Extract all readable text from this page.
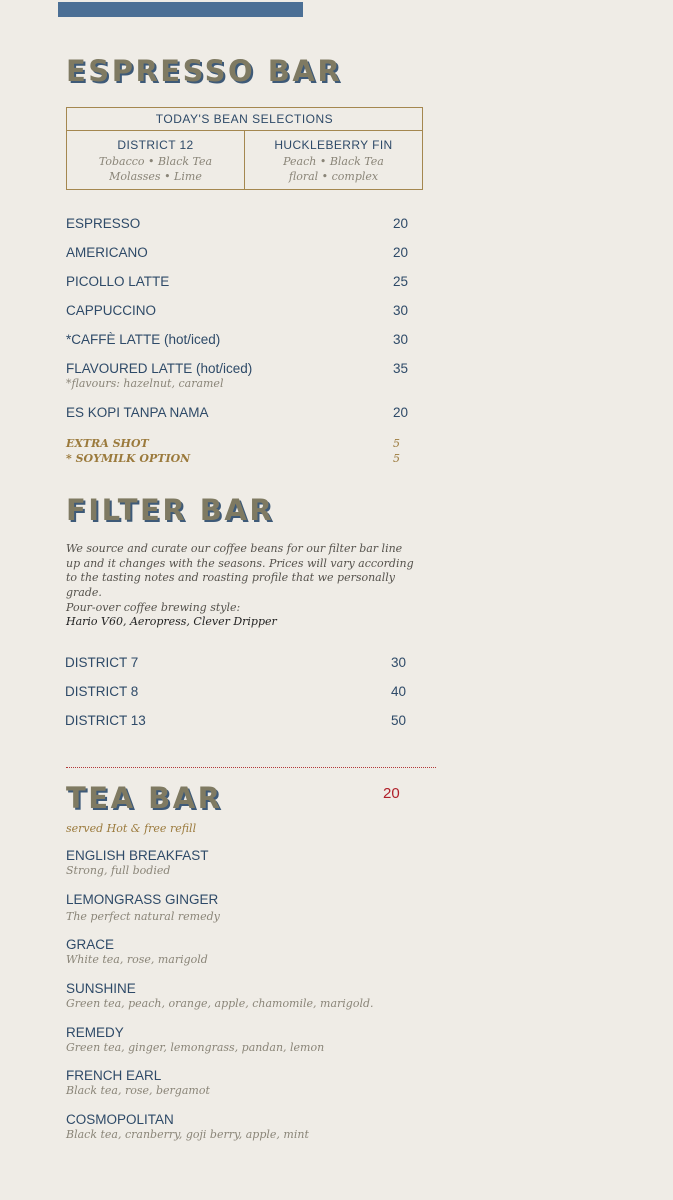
ESPRESSO BAR
TODAY'S BEAN SELECTIONS
DISTRICT 12
Tobacco • Black Tea
Molasses • Lime
HUCKLEBERRY FIN
Peach • Black Tea
floral • complex
ESPRESSO	20
AMERICANO	20
PICOLLO LATTE	25
CAPPUCCINO	30
*CAFFÈ LATTE (hot/iced)	30
FLAVOURED LATTE (hot/iced)	35
*flavours: hazelnut, caramel
ES KOPI TANPA NAMA	20
EXTRA SHOT	5
* SOYMILK OPTION	5
FILTER BAR

We source and curate our coffee beans for our filter bar line up and it changes with the seasons. Prices will vary according to the tasting notes and roasting profile that we personally grade.

Pour-over coffee brewing style:

Hario V60, Aeropress, Clever Dripper

DISTRICT 7	30
DISTRICT 8	40
DISTRICT 13	50
TEA BAR	20
served Hot & free refill
ENGLISH BREAKFAST
Strong, full bodied
LEMONGRASS GINGER
The perfect natural remedy
GRACE
White tea, rose, marigold
SUNSHINE
Green tea, peach, orange, apple, chamomile, marigold.
REMEDY
Green tea, ginger, lemongrass, pandan, lemon
FRENCH EARL
Black tea, rose, bergamot
COSMOPOLITAN
Black tea, cranberry, goji berry, apple, mint
